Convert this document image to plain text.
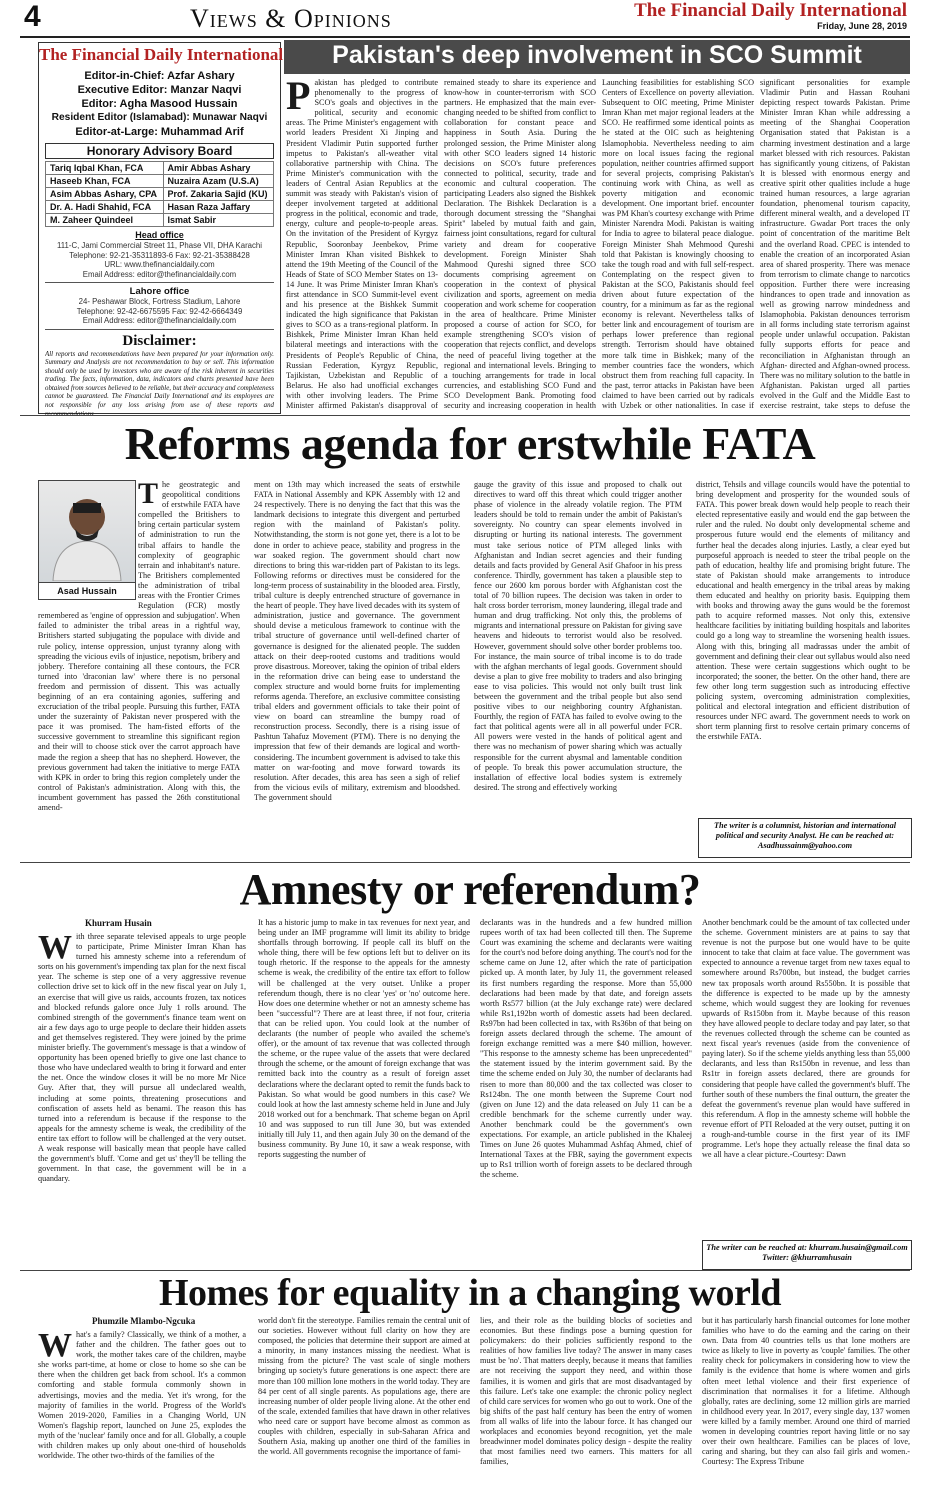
4	Views & Opinions	The Financial Daily International
Friday, June 28, 2019
The Financial Daily International
Editor-in-Chief: Azfar Ashary
Executive Editor: Manzar Naqvi
Editor: Agha Masood Hussain
Resident Editor (Islamabad): Munawar Naqvi
Editor-at-Large: Muhammad Arif
Honorary Advisory Board
Tariq Iqbal Khan, FCA	Amir Abbas Ashary
Haseeb Khan, FCA	Nuzaira Azam (U.S.A)
Asim Abbas Ashary, CPA	Prof. Zakaria Sajid (KU)
Dr. A. Hadi Shahid, FCA	Hasan Raza Jaffary
M. Zaheer Quindeel	Ismat Sabir
Head office
111-C, Jami Commercial Street 11, Phase VII, DHA Karachi
Telephone: 92-21-35311893-6 Fax: 92-21-35388428
URL: www.thefinancialdaily.com
Email Address: editor@thefinancialdaily.com
Lahore office
24- Peshawar Block, Fortress Stadium, Lahore
Telephone: 92-42-6675595 Fax: 92-42-6664349
Email Address: editor@thefinancialdaily.com
Disclaimer:
All reports and recommendations have been prepared for your information only. Summary and Analysis are not recommendation to buy or sell. This information should only be used by investors who are aware of the risk inherent in securities trading. The facts, information, data, indicators and charts presented have been obtained from sources believed to be reliable, but their accuracy and completeness cannot be guaranteed. The Financial Daily International and its employees are not responsible for any loss arising from use of these reports and
Pakistan's deep involvement in SCO Summit

Pakistan has pledged to contribute phenomenally to the progress of SCO's goals and objectives in the political, security and economic areas. The Prime Minister's engagement with world leaders President Xi Jinping and President Vladimir Putin supported further impetus to Pakistan's all-weather vital collaborative partnership with China. The Prime Minister's communication with the leaders of Central Asian Republics at the summit was steady with Pakistan's vision of deeper involvement targeted at additional progress in the political, economic and trade, energy, culture and people-to-people areas. On the invitation of the President of Kyrgyz Republic, Sooronbay Jeenbekov, Prime Minister Imran Khan visited Bishkek to attend the 19th Meeting of the Council of the Heads of State of SCO Member States on 13-14 June. It was Prime Minister Imran Khan's first attendance in SCO Summit-level event and his presence at the Bishkek Summit indicated the high significance that Pakistan gives to SCO as a trans-regional platform. In Bishkek, Prime Minister Imran Khan held bilateral meetings and interactions with the Presidents of People's Republic of China, Russian Federation, Kyrgyz Republic, Tajikistan, Uzbekistan and Republic of Belarus. He also had unofficial exchanges with other involving leaders. The Prime Minister affirmed Pakistan's disapproval of

remained steady to share its experience and know-how in counter-terrorism with SCO partners. He emphasized that the main ever-changing needed to be shifted from conflict to collaboration for constant peace and happiness in South Asia. During the prolonged session, the Prime Minister along with other SCO leaders signed 14 historic decisions on SCO's future preferences connected to political, security, trade and economic and cultural cooperation. The participating Leaders also signed the Bishkek Declaration. The Bishkek Declaration is a thorough document stressing the "Shanghai Spirit" labeled by mutual faith and gain, fairness joint consultations, regard for cultural variety and dream for cooperative development. Foreign Minister Shah Mahmood Qureshi signed three SCO documents comprising agreement on cooperation in the context of physical civilization and sports, agreement on media cooperation and work scheme for cooperation in the area of healthcare. Prime Minister proposed a course of action for SCO, for example strengthening SCO's vision of cooperation that rejects conflict, and develops the need of peaceful living together at the regional and international levels. Bringing to a touching arrangements for trade in local currencies, and establishing SCO Fund and SCO Development Bank. Promoting food security and increasing cooperation in health

Launching feasibilities for establishing SCO Centers of Excellence on poverty alleviation. Subsequent to OIC meeting, Prime Minister Imran Khan met major regional leaders at the SCO. He reaffirmed some identical points as he stated at the OIC such as heightening Islamophobia. Nevertheless needing to aim more on local issues facing the regional population, neither countries affirmed support for several projects, comprising Pakistan's continuing work with China, as well as poverty mitigation and economic development. One important brief. encounter was PM Khan's courtesy exchange with Prime Minister Narendra Modi. Pakistan is waiting for India to agree to bilateral peace dialogue. Foreign Minister Shah Mehmood Qureshi told that Pakistan is knowingly choosing to take the tough road and with full self-respect. Contemplating on the respect given to Pakistan at the SCO, Pakistanis should feel driven about future expectation of the country, for a minimum as far as the regional economy is relevant. Nevertheless talks of better link and encouragement of tourism are perhaps lower preference than regional strength. Terrorism should have obtained more talk time in Bishkek; many of the member countries face the wonders, which obstruct them from reaching full capacity. In the past, terror attacks in Pakistan have been claimed to have been carried out by radicals with Uzbek or other nationalities. In case if

significant personalities for example Vladimir Putin and Hassan Rouhani depicting respect towards Pakistan. Prime Minister Imran Khan while addressing a meeting of the Shanghai Cooperation Organisation stated that Pakistan is a charming investment destination and a large market blessed with rich resources. Pakistan has significantly young citizens, of Pakistan It is blessed with enormous energy and creative spirit other qualities include a huge trained human resources, a large agrarian foundation, phenomenal tourism capacity, different mineral wealth, and a developed IT infrastructure. Gwadar Port traces the only point of concentration of the maritime Belt and the overland Road. CPEC is intended to enable the creation of an incorporated Asian area of shared prosperity. There was menace from terrorism to climate change to narcotics opposition. Further there were increasing hindrances to open trade and innovation as well as growing narrow mindedness and Islamophobia. Pakistan denounces terrorism in all forms including state terrorism against people under unlawful occupation. Pakistan fully supports efforts for peace and reconciliation in Afghanistan through an Afghan- directed and Afghan-owned process. There was no military solution to the battle in Afghanistan. Pakistan urged all parties evolved in the Gulf and the Middle East to exercise restraint, take steps to defuse the

Reforms agenda for erstwhile FATA
Asad Hussain

The geostrategic and geopolitical conditions of erstwhile FATA have compelled the Britishers to bring certain particular system of administration to run the tribal affairs to handle the complexity of geographic terrain and inhabitant's nature. The Britishers complemented the administration of tribal areas with the Frontier Crimes Regulation (FCR) mostly remembered as 'engine of oppression and subjugation'. When failed to administer the tribal areas in a rightful way, Britishers started subjugating the populace with divide and rule policy, intense oppression, unjust tyranny along with spreading the vicious evils of injustice, nepotism, bribery and jobbery. Therefore containing all these contours, the FCR turned into 'draconian law' where there is no personal freedom and permission of dissent. This was actually beginning of an era containing agonies, suffering and excruciation of the tribal people. Pursuing this further, FATA under the suzerainty of Pakistan never prospered with the pace it was promised. The ham-fisted efforts of the successive government to streamline this significant region and their will to choose stick over the carrot approach have made the region a sheep that has no shepherd. However, the previous government had taken the initiative to merge FATA with KPK in order to bring this region completely under the control of Pakistan's administration. Along with this, the incumbent government has passed the 26th constitutional amend-

ment on 13th may which increased the seats of erstwhile FATA in National Assembly and KPK Assembly with 12 and 24 respectively. There is no denying the fact that this was the landmark decisions to integrate this divergent and perturbed region with the mainland of Pakistan's polity. Notwithstanding, the storm is not gone yet, there is a lot to be done in order to achieve peace, stability and progress in the war soaked region. The government should chart now directions to bring this war-ridden part of Pakistan to its legs. Following reforms or directives must be considered for the long-term process of sustainability in the blooded area. Firstly, tribal culture is deeply entrenched structure of governance in the heart of people. They have lived decades with its system of administration, justice and governance. The government should devise a meticulous framework to continue with the tribal structure of governance until well-defined charter of governance is designed for the alienated people. The sudden attack on their deep-rooted customs and traditions would prove disastrous. Moreover, taking the opinion of tribal elders in the reformation drive can being ease to understand the complex structure and would borne fruits for implementing reforms agenda. Therefore, an exclusive committee consisting tribal elders and government officials to take their point of view on board can streamline the bumpy road of reconstruction process. Secondly, there is a rising issue of Pashtun Tahafuz Movement (PTM). There is no denying the impression that few of their demands are logical and worth-considering. The incumbent government is advised to take this matter on war-footing and move forward towards its resolution. After decades, this area has seen a sigh of relief from the vicious evils of military, extremism and bloodshed. The government should

gauge the gravity of this issue and proposed to chalk out directives to ward off this threat which could trigger another phase of violence in the already volatile region. The PTM leaders should be told to remain under the ambit of Pakistan's sovereignty. No country can spear elements involved in disrupting or hurting its national interests. The government must take serious notice of PTM alleged links with Afghanistan and Indian secret agencies and their funding details and facts provided by General Asif Ghafoor in his press conference. Thirdly, government has taken a plausible step to fence our 2600 km porous border with Afghanistan cost the total of 70 billion rupees. The decision was taken in order to halt cross border terrorism, money laundering, illegal trade and human and drug trafficking. Not only this, the problems of migrants and international pressure on Pakistan for giving save heavens and hideouts to terrorist would also be resolved. However, government should solve other border problems too. For instance, the main source of tribal income is to do trade with the afghan merchants of legal goods. Government should devise a plan to give free mobility to traders and also bringing ease to visa policies. This would not only built trust link between the government and the tribal people but also send positive vibes to our neighboring country Afghanistan. Fourthly, the region of FATA has failed to evolve owing to the fact that political agents were all in all powerful under FCR. All powers were vested in the hands of political agent and there was no mechanism of power sharing which was actually responsible for the current abysmal and lamentable condition of people. To break this power accumulation structure, the installation of effective local bodies system is extremely desired. The strong and effectively working

district, Tehsils and village councils would have the potential to bring development and prosperity for the wounded souls of FATA. This power break down would help people to reach their elected representative easily and would end the gap between the ruler and the ruled. No doubt only developmental scheme and prosperous future would end the elements of militancy and further heal the decades along injuries. Lastly, a clear eyed but purposeful approach is needed to steer the tribal people on the path of education, healthy life and promising bright future. The state of Pakistan should make arrangements to introduce educational and health emergency in the tribal areas by making them educated and healthy on priority basis. Equipping them with books and throwing away the guns would be the foremost path to acquire reformed masses. Not only this, extensive healthcare facilities by initiating building hospitals and laborites could go a long way to streamline the worsening health issues. Along with this, bringing all madrassas under the ambit of government and defining their clear out syllabus would also need attention. These were certain suggestions which ought to be incorporated; the sooner, the better. On the other hand, there are few other long term suggestion such as introducing effective policing system, overcoming administration complexities, political and electoral integration and efficient distribution of resources under NFC award. The government needs to work on short term planning first to resolve certain primary concerns of the erstwhile FATA.

The writer is a columnist, historian and international political and security Analyst. He can be reached at: Asadhussainm@yahoo.com
Amnesty or referendum?
Khurram Husain

With three separate televised appeals to urge people to participate, Prime Minister Imran Khan has turned his amnesty scheme into a referendum of sorts on his government's impending tax plan for the next fiscal year. The scheme is step one of a very aggressive revenue collection drive set to kick off in the new fiscal year on July 1, an exercise that will give us raids, accounts frozen, tax notices and blocked refunds galore once July 1 rolls around. The combined strength of the government's finance team went on air a few days ago to urge people to declare their hidden assets and get themselves registered. They were joined by the prime minister briefly. The government's message is that a window of opportunity has been opened briefly to give one last chance to those who have undeclared wealth to bring it forward and enter the net. Once the window closes it will be no more Mr Nice Guy. After that, they will pursue all undeclared wealth, including at some points, threatening prosecutions and confiscation of assets held as benami. The reason this has turned into a referendum is because if the response to the appeals for the amnesty scheme is weak, the credibility of the entire tax effort to follow will be challenged at the very outset. A weak response will basically mean that people have called the government's bluff. 'Come and get us' they'll be telling the government. In that case, the government will be in a quandary.

It has a historic jump to make in tax revenues for next year, and being under an IMF programme will limit its ability to bridge shortfalls through borrowing. If people call its bluff on the whole thing, there will be few options left but to deliver on its tough rhetoric. If the response to the appeals for the amnesty scheme is weak, the credibility of the entire tax effort to follow will be challenged at the very outset. Unlike a proper referendum though, there is no clear 'yes' or 'no' outcome here. How does one determine whether or not an amnesty scheme has been "successful"? There are at least three, if not four, criteria that can be relied upon. You could look at the number of declarants (the number of people who availed the scheme's offer), or the amount of tax revenue that was collected through the scheme, or the rupee value of the assets that were declared through the scheme, or the amount of foreign exchange that was remitted back into the country as a result of foreign asset declarations where the declarant opted to remit the funds back to Pakistan. So what would be good numbers in this case? We could look at how the last amnesty scheme held in June and July 2018 worked out for a benchmark. That scheme began on April 10 and was supposed to run till June 30, but was extended initially till July 11, and then again July 30 on the demand of the business community. By June 10, it saw a weak response, with reports suggesting the number of

declarants was in the hundreds and a few hundred million rupees worth of tax had been collected till then. The Supreme Court was examining the scheme and declarants were waiting for the court's nod before doing anything. The court's nod for the scheme came on June 12, after which the rate of participation picked up. A month later, by July 11, the government released its first numbers regarding the response. More than 55,000 declarations had been made by that date, and foreign assets worth Rs577 billion (at the July exchange rate) were declared while Rs1,192bn worth of domestic assets had been declared. Rs97bn had been collected in tax, with Rs36bn of that being on foreign assets declared through the scheme. The amount of foreign exchange remitted was a mere $40 million, however. "This response to the amnesty scheme has been unprecedented" the statement issued by the interim government said. By the time the scheme ended on July 30, the number of declarants had risen to more than 80,000 and the tax collected was closer to Rs124bn. The one month between the Supreme Court nod (given on June 12) and the data released on July 11 can be a credible benchmark for the scheme currently under way. Another benchmark could be the government's own expectations. For example, an article published in the Khaleej Times on June 26 quotes Muhammad Ashfaq Ahmed, chief of International Taxes at the FBR, saying the government expects up to Rs1 trillion worth of foreign assets to be declared through the scheme.

Another benchmark could be the amount of tax collected under the scheme. Government ministers are at pains to say that revenue is not the purpose but one would have to be quite innocent to take that claim at face value. The government was expected to announce a revenue target from new taxes equal to somewhere around Rs700bn, but instead, the budget carries new tax proposals worth around Rs550bn. It is possible that the difference is expected to be made up by the amnesty scheme, which would suggest they are looking for revenues upwards of Rs150bn from it. Maybe because of this reason they have allowed people to declare today and pay later, so that the revenues collected through the scheme can be counted as next fiscal year's revenues (aside from the convenience of paying later). So if the scheme yields anything less than 55,000 declarants, and less than Rs150bn in revenue, and less than Rs1tr in foreign assets declared, there are grounds for considering that people have called the government's bluff. The further south of these numbers the final outturn, the greater the defeat the government's revenue plan would have suffered in this referendum. A flop in the amnesty scheme will hobble the revenue effort of PTI Reloaded at the very outset, putting it on a rough-and-tumble course in the first year of its IMF programme. Let's hope they actually release the final data so we all have a clear picture.-Courtesy: Dawn

The writer can be reached at: khurram.husain@gmail.com Twitter: @khurramhusain
Homes for equality in a changing world
Phumzile Mlambo-Ngcuka

What's a family? Classically, we think of a mother, a father and the children. The father goes out to work, the mother takes care of the children, maybe she works part-time, at home or close to home so she can be there when the children get back from school. It's a common comforting and stable formula commonly shown in advertisings, movies and the media. Yet it's wrong, for the majority of families in the world. Progress of the World's Women 2019-2020, Families in a Changing World, UN Women's flagship report, launched on June 25, explodes the myth of the 'nuclear' family once and for all. Globally, a couple with children makes up only about one-third of households worldwide. The other two-thirds of the families of the

world don't fit the stereotype. Families remain the central unit of our societies. However without full clarity on how they are composed, the policies that determine their support are aimed at a minority, in many instances missing the neediest. What is missing from the picture? The vast scale of single mothers bringing up society's future generations is one aspect: there are more than 100 million lone mothers in the world today. They are 84 per cent of all single parents. As populations age, there are increasing number of older people living alone. At the other end of the scale, extended families that have drawn in other relatives who need care or support have become almost as common as couples with children, especially in sub-Saharan Africa and Southern Asia, making up another one third of the families in the world. All governments recognise the importance of fami-

lies, and their role as the building blocks of societies and economies. But these findings pose a burning question for policymakers: do their policies sufficiently respond to the realities of how families live today? The answer in many cases must be 'no'. That matters deeply, because it means that families are not receiving the support they need, and within those families, it is women and girls that are most disadvantaged by this failure. Let's take one example: the chronic policy neglect of child care services for women who go out to work. One of the big shifts of the past half century has been the entry of women from all walks of life into the labour force. It has changed our workplaces and economies beyond recognition, yet the male breadwinner model dominates policy design - despite the reality that most families need two earners. This matters for all families,

but it has particularly harsh financial outcomes for lone mother families who have to do the earning and the caring on their own. Data from 40 countries tells us that lone mothers are twice as likely to live in poverty as 'couple' families. The other reality check for policymakers in considering how to view the family is the evidence that home is where women and girls often meet lethal violence and their first experience of discrimination that normalises it for a lifetime. Although globally, rates are declining, some 12 million girls are married in childhood every year. In 2017, every single day, 137 women were killed by a family member. Around one third of married women in developing countries report having little or no say over their own healthcare. Families can be places of love, caring and sharing, but they can also fail girls and women.-Courtesy: The Express Tribune
